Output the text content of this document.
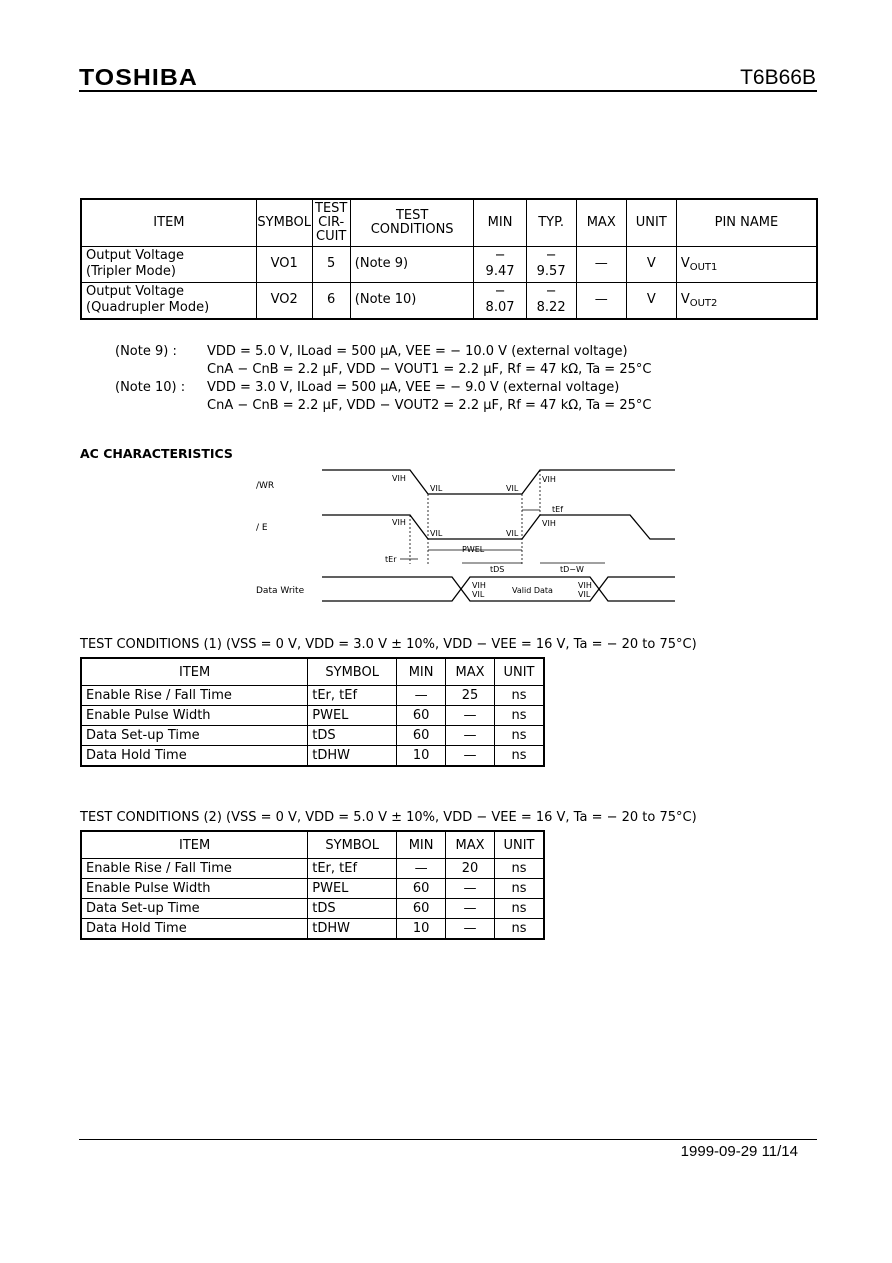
TOSHIBA	T6B66B
ITEM	SYMBOL	TEST CIR- CUIT	TEST CONDITIONS	MIN	TYP.	MAX	UNIT	PIN NAME
Output Voltage
(Tripler Mode)	VO1	5	(Note 9)	− 9.47	− 9.57	—	V	$V_{OUT1}$
Output Voltage
(Quadrupler Mode)	VO2	6	(Note 10)	− 8.07	− 8.22	—	V	$V_{OUT2}$
(Note 9) : VDD = 5.0 V, ILoad = 500 μA, VEE = − 10.0 V (external voltage)
CnA − CnB = 2.2 μF, VDD − VOUT1 = 2.2 μF, Rf = 47 kΩ, Ta = 25°C
(Note 10) : VDD = 3.0 V, ILoad = 500 μA, VEE = − 9.0 V (external voltage)
CnA − CnB = 2.2 μF, VDD − VOUT2 = 2.2 μF, Rf = 47 kΩ, Ta = 25°C
AC CHARACTERISTICS
/WR
VIH
VIL	VIL
VIH
/ E
VIH
VIL	VIL
VIH
tEf
tEr
PWEL
tDS	tD−W
Data Write
VIH
VIL	Valid Data
VIH
VIL
TEST CONDITIONS (1) (VSS = 0 V, VDD = 3.0 V ± 10%, VDD − VEE = 16 V, Ta = − 20 to 75°C)
ITEM	SYMBOL	MIN	MAX	UNIT
Enable Rise / Fall Time	tEr, tEf	—	25	ns
Enable Pulse Width	PWEL	60	—	ns
Data Set-up Time	tDS	60	—	ns
Data Hold Time	tDHW	10	—	ns
TEST CONDITIONS (2) (VSS = 0 V, VDD = 5.0 V ± 10%, VDD − VEE = 16 V, Ta = − 20 to 75°C)
ITEM	SYMBOL	MIN	MAX	UNIT
Enable Rise / Fall Time	tEr, tEf	—	20	ns
Enable Pulse Width	PWEL	60	—	ns
Data Set-up Time	tDS	60	—	ns
Data Hold Time	tDHW	10	—	ns
1999-09-29 11/14
